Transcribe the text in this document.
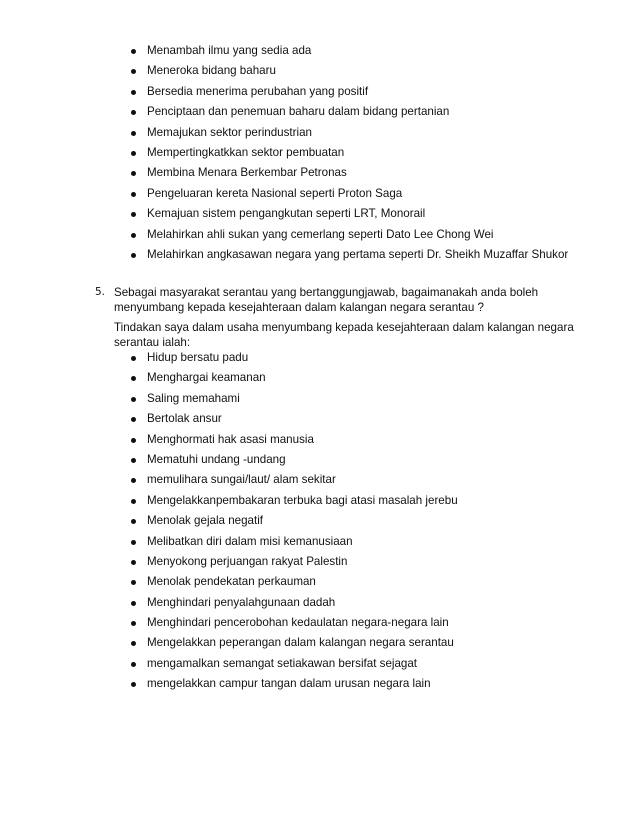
Menambah ilmu yang sedia ada
Meneroka bidang baharu
Bersedia menerima perubahan yang positif
Penciptaan dan penemuan baharu dalam bidang pertanian
Memajukan sektor perindustrian
Mempertingkatkkan sektor pembuatan
Membina Menara Berkembar Petronas
Pengeluaran kereta Nasional seperti Proton Saga
Kemajuan sistem pengangkutan seperti LRT, Monorail
Melahirkan ahli sukan yang cemerlang seperti Dato Lee Chong Wei
Melahirkan angkasawan negara yang pertama seperti Dr. Sheikh Muzaffar Shukor
5. Sebagai masyarakat serantau yang bertanggungjawab, bagaimanakah anda boleh menyumbang kepada kesejahteraan dalam kalangan negara serantau ?

Tindakan saya dalam usaha menyumbang kepada kesejahteraan dalam kalangan negara serantau ialah:

Hidup bersatu padu
Menghargai keamanan
Saling memahami
Bertolak ansur
Menghormati hak asasi manusia
Mematuhi undang -undang
memulihara sungai/laut/ alam sekitar
Mengelakkanpembakaran terbuka bagi atasi masalah jerebu
Menolak gejala negatif
Melibatkan diri dalam misi kemanusiaan
Menyokong perjuangan rakyat Palestin
Menolak pendekatan perkauman
Menghindari penyalahgunaan dadah
Menghindari pencerobohan kedaulatan negara-negara lain
Mengelakkan peperangan dalam kalangan negara serantau
mengamalkan semangat setiakawan bersifat sejagat
mengelakkan campur tangan dalam urusan negara lain
